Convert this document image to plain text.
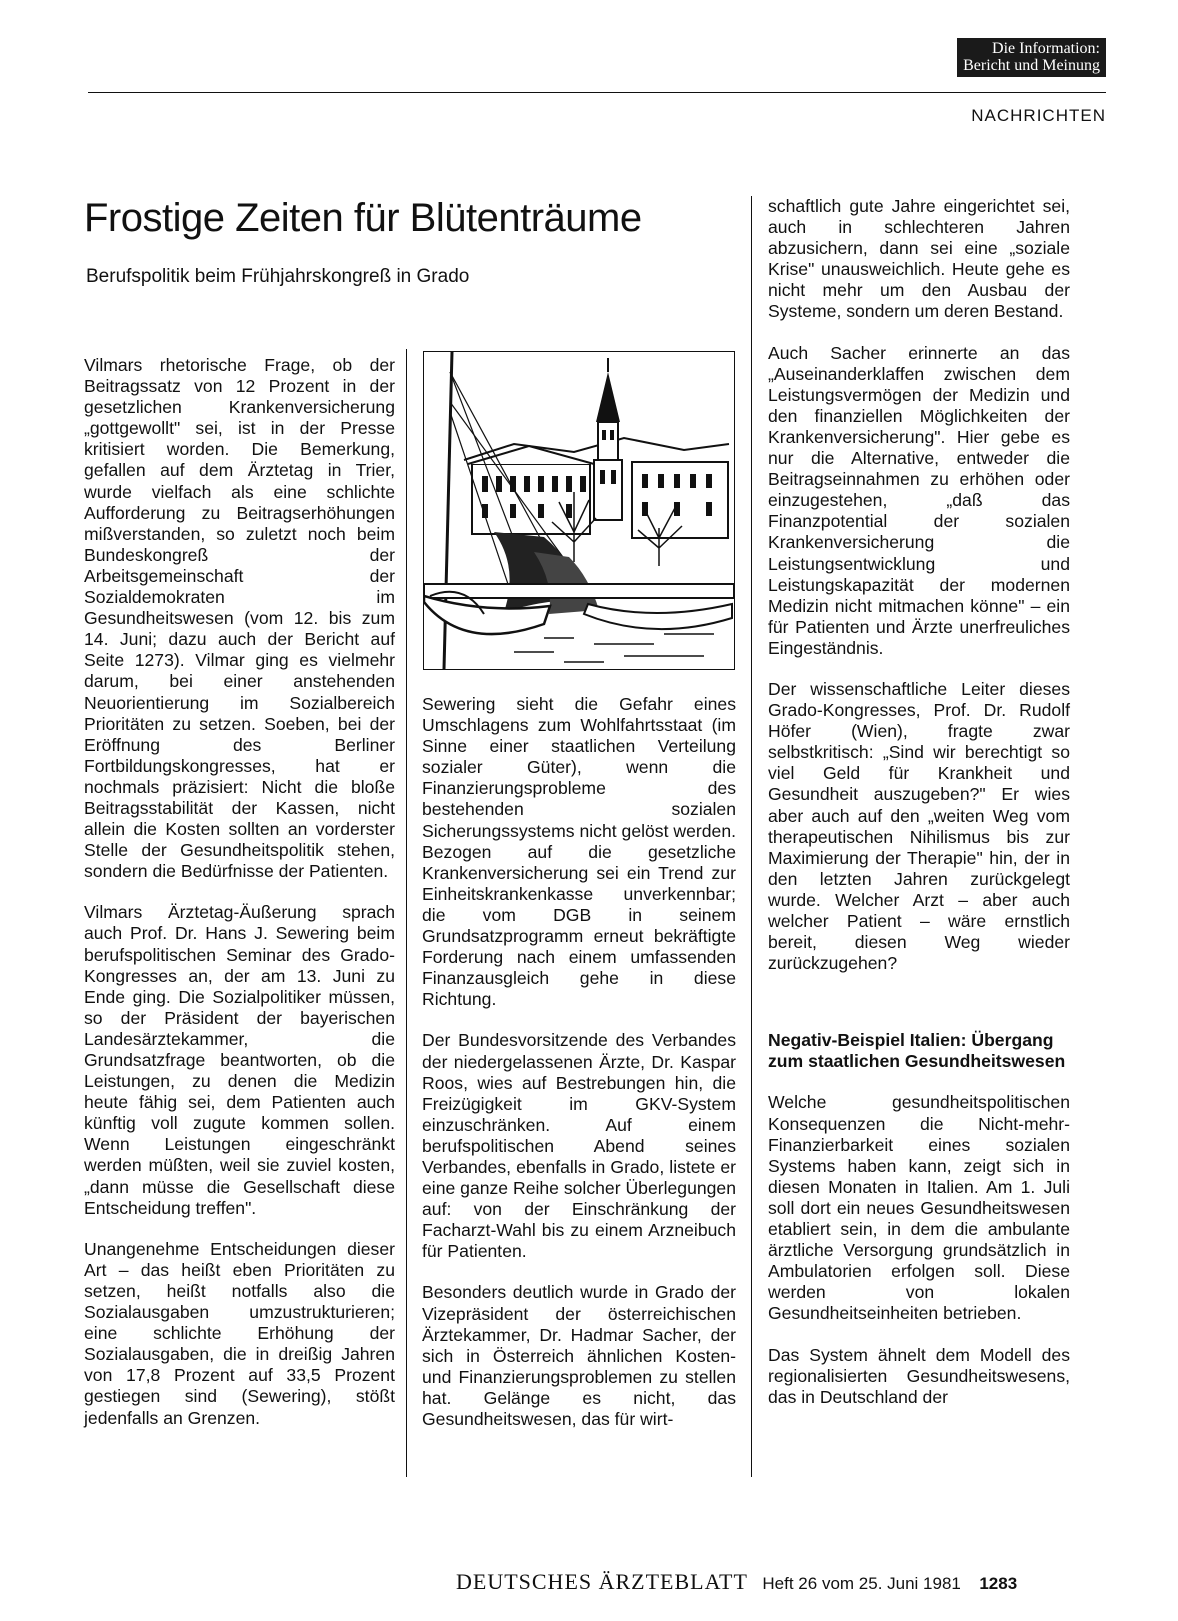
Die Information:
Bericht und Meinung
NACHRICHTEN
Frostige Zeiten für Blütenträume
Berufspolitik beim Frühjahrskongreß in Grado

Vilmars rhetorische Frage, ob der Beitragssatz von 12 Prozent in der gesetzlichen Krankenversicherung „gottgewollt" sei, ist in der Presse kritisiert worden. Die Bemerkung, gefallen auf dem Ärztetag in Trier, wurde vielfach als eine schlichte Aufforderung zu Beitragserhöhungen mißverstanden, so zuletzt noch beim Bundeskongreß der Arbeitsgemeinschaft der Sozialdemokraten im Gesundheitswesen (vom 12. bis zum 14. Juni; dazu auch der Bericht auf Seite 1273). Vilmar ging es vielmehr darum, bei einer anstehenden Neuorientierung im Sozialbereich Prioritäten zu setzen. Soeben, bei der Eröffnung des Berliner Fortbildungskongresses, hat er nochmals präzisiert: Nicht die bloße Beitragsstabilität der Kassen, nicht allein die Kosten sollten an vorderster Stelle der Gesundheitspolitik stehen, sondern die Bedürfnisse der Patienten.

Vilmars Ärztetag-Äußerung sprach auch Prof. Dr. Hans J. Sewering beim berufspolitischen Seminar des Grado-Kongresses an, der am 13. Juni zu Ende ging. Die Sozialpolitiker müssen, so der Präsident der bayerischen Landesärztekammer, die Grundsatzfrage beantworten, ob die Leistungen, zu denen die Medizin heute fähig sei, dem Patienten auch künftig voll zugute kommen sollen. Wenn Leistungen eingeschränkt werden müßten, weil sie zuviel kosten, „dann müsse die Gesellschaft diese Entscheidung treffen".

Unangenehme Entscheidungen dieser Art – das heißt eben Prioritäten zu setzen, heißt notfalls also die Sozialausgaben umzustrukturieren; eine schlichte Erhöhung der Sozialausgaben, die in dreißig Jahren von 17,8 Prozent auf 33,5 Prozent gestiegen sind (Sewering), stößt jedenfalls an Grenzen.

Sewering sieht die Gefahr eines Umschlagens zum Wohlfahrtsstaat (im Sinne einer staatlichen Verteilung sozialer Güter), wenn die Finanzierungsprobleme des bestehenden sozialen Sicherungssystems nicht gelöst werden. Bezogen auf die gesetzliche Krankenversicherung sei ein Trend zur Einheitskrankenkasse unverkennbar; die vom DGB in seinem Grundsatzprogramm erneut bekräftigte Forderung nach einem umfassenden Finanzausgleich gehe in diese Richtung.

Der Bundesvorsitzende des Verbandes der niedergelassenen Ärzte, Dr. Kaspar Roos, wies auf Bestrebungen hin, die Freizügigkeit im GKV-System einzuschränken. Auf einem berufspolitischen Abend seines Verbandes, ebenfalls in Grado, listete er eine ganze Reihe solcher Überlegungen auf: von der Einschränkung der Facharzt-Wahl bis zu einem Arzneibuch für Patienten.

Besonders deutlich wurde in Grado der Vizepräsident der österreichischen Ärztekammer, Dr. Hadmar Sacher, der sich in Österreich ähnlichen Kosten- und Finanzierungsproblemen zu stellen hat. Gelänge es nicht, das Gesundheitswesen, das für wirt-

schaftlich gute Jahre eingerichtet sei, auch in schlechteren Jahren abzusichern, dann sei eine „soziale Krise" unausweichlich. Heute gehe es nicht mehr um den Ausbau der Systeme, sondern um deren Bestand.

Auch Sacher erinnerte an das „Auseinanderklaffen zwischen dem Leistungsvermögen der Medizin und den finanziellen Möglichkeiten der Krankenversicherung". Hier gebe es nur die Alternative, entweder die Beitragseinnahmen zu erhöhen oder einzugestehen, „daß das Finanzpotential der sozialen Krankenversicherung die Leistungsentwicklung und Leistungskapazität der modernen Medizin nicht mitmachen könne" – ein für Patienten und Ärzte unerfreuliches Eingeständnis.

Der wissenschaftliche Leiter dieses Grado-Kongresses, Prof. Dr. Rudolf Höfer (Wien), fragte zwar selbstkritisch: „Sind wir berechtigt so viel Geld für Krankheit und Gesundheit auszugeben?" Er wies aber auch auf den „weiten Weg vom therapeutischen Nihilismus bis zur Maximierung der Therapie" hin, der in den letzten Jahren zurückgelegt wurde. Welcher Arzt – aber auch welcher Patient – wäre ernstlich bereit, diesen Weg wieder zurückzugehen?

Negativ-Beispiel Italien: Übergang zum staatlichen Gesundheitswesen

Welche gesundheitspolitischen Konsequenzen die Nicht-mehr-Finanzierbarkeit eines sozialen Systems haben kann, zeigt sich in diesen Monaten in Italien. Am 1. Juli soll dort ein neues Gesundheitswesen etabliert sein, in dem die ambulante ärztliche Versorgung grundsätzlich in Ambulatorien erfolgen soll. Diese werden von lokalen Gesundheitseinheiten betrieben.

Das System ähnelt dem Modell des regionalisierten Gesundheitswesens, das in Deutschland der

DEUTSCHES ÄRZTEBLATT Heft 26 vom 25. Juni 1981 1283
